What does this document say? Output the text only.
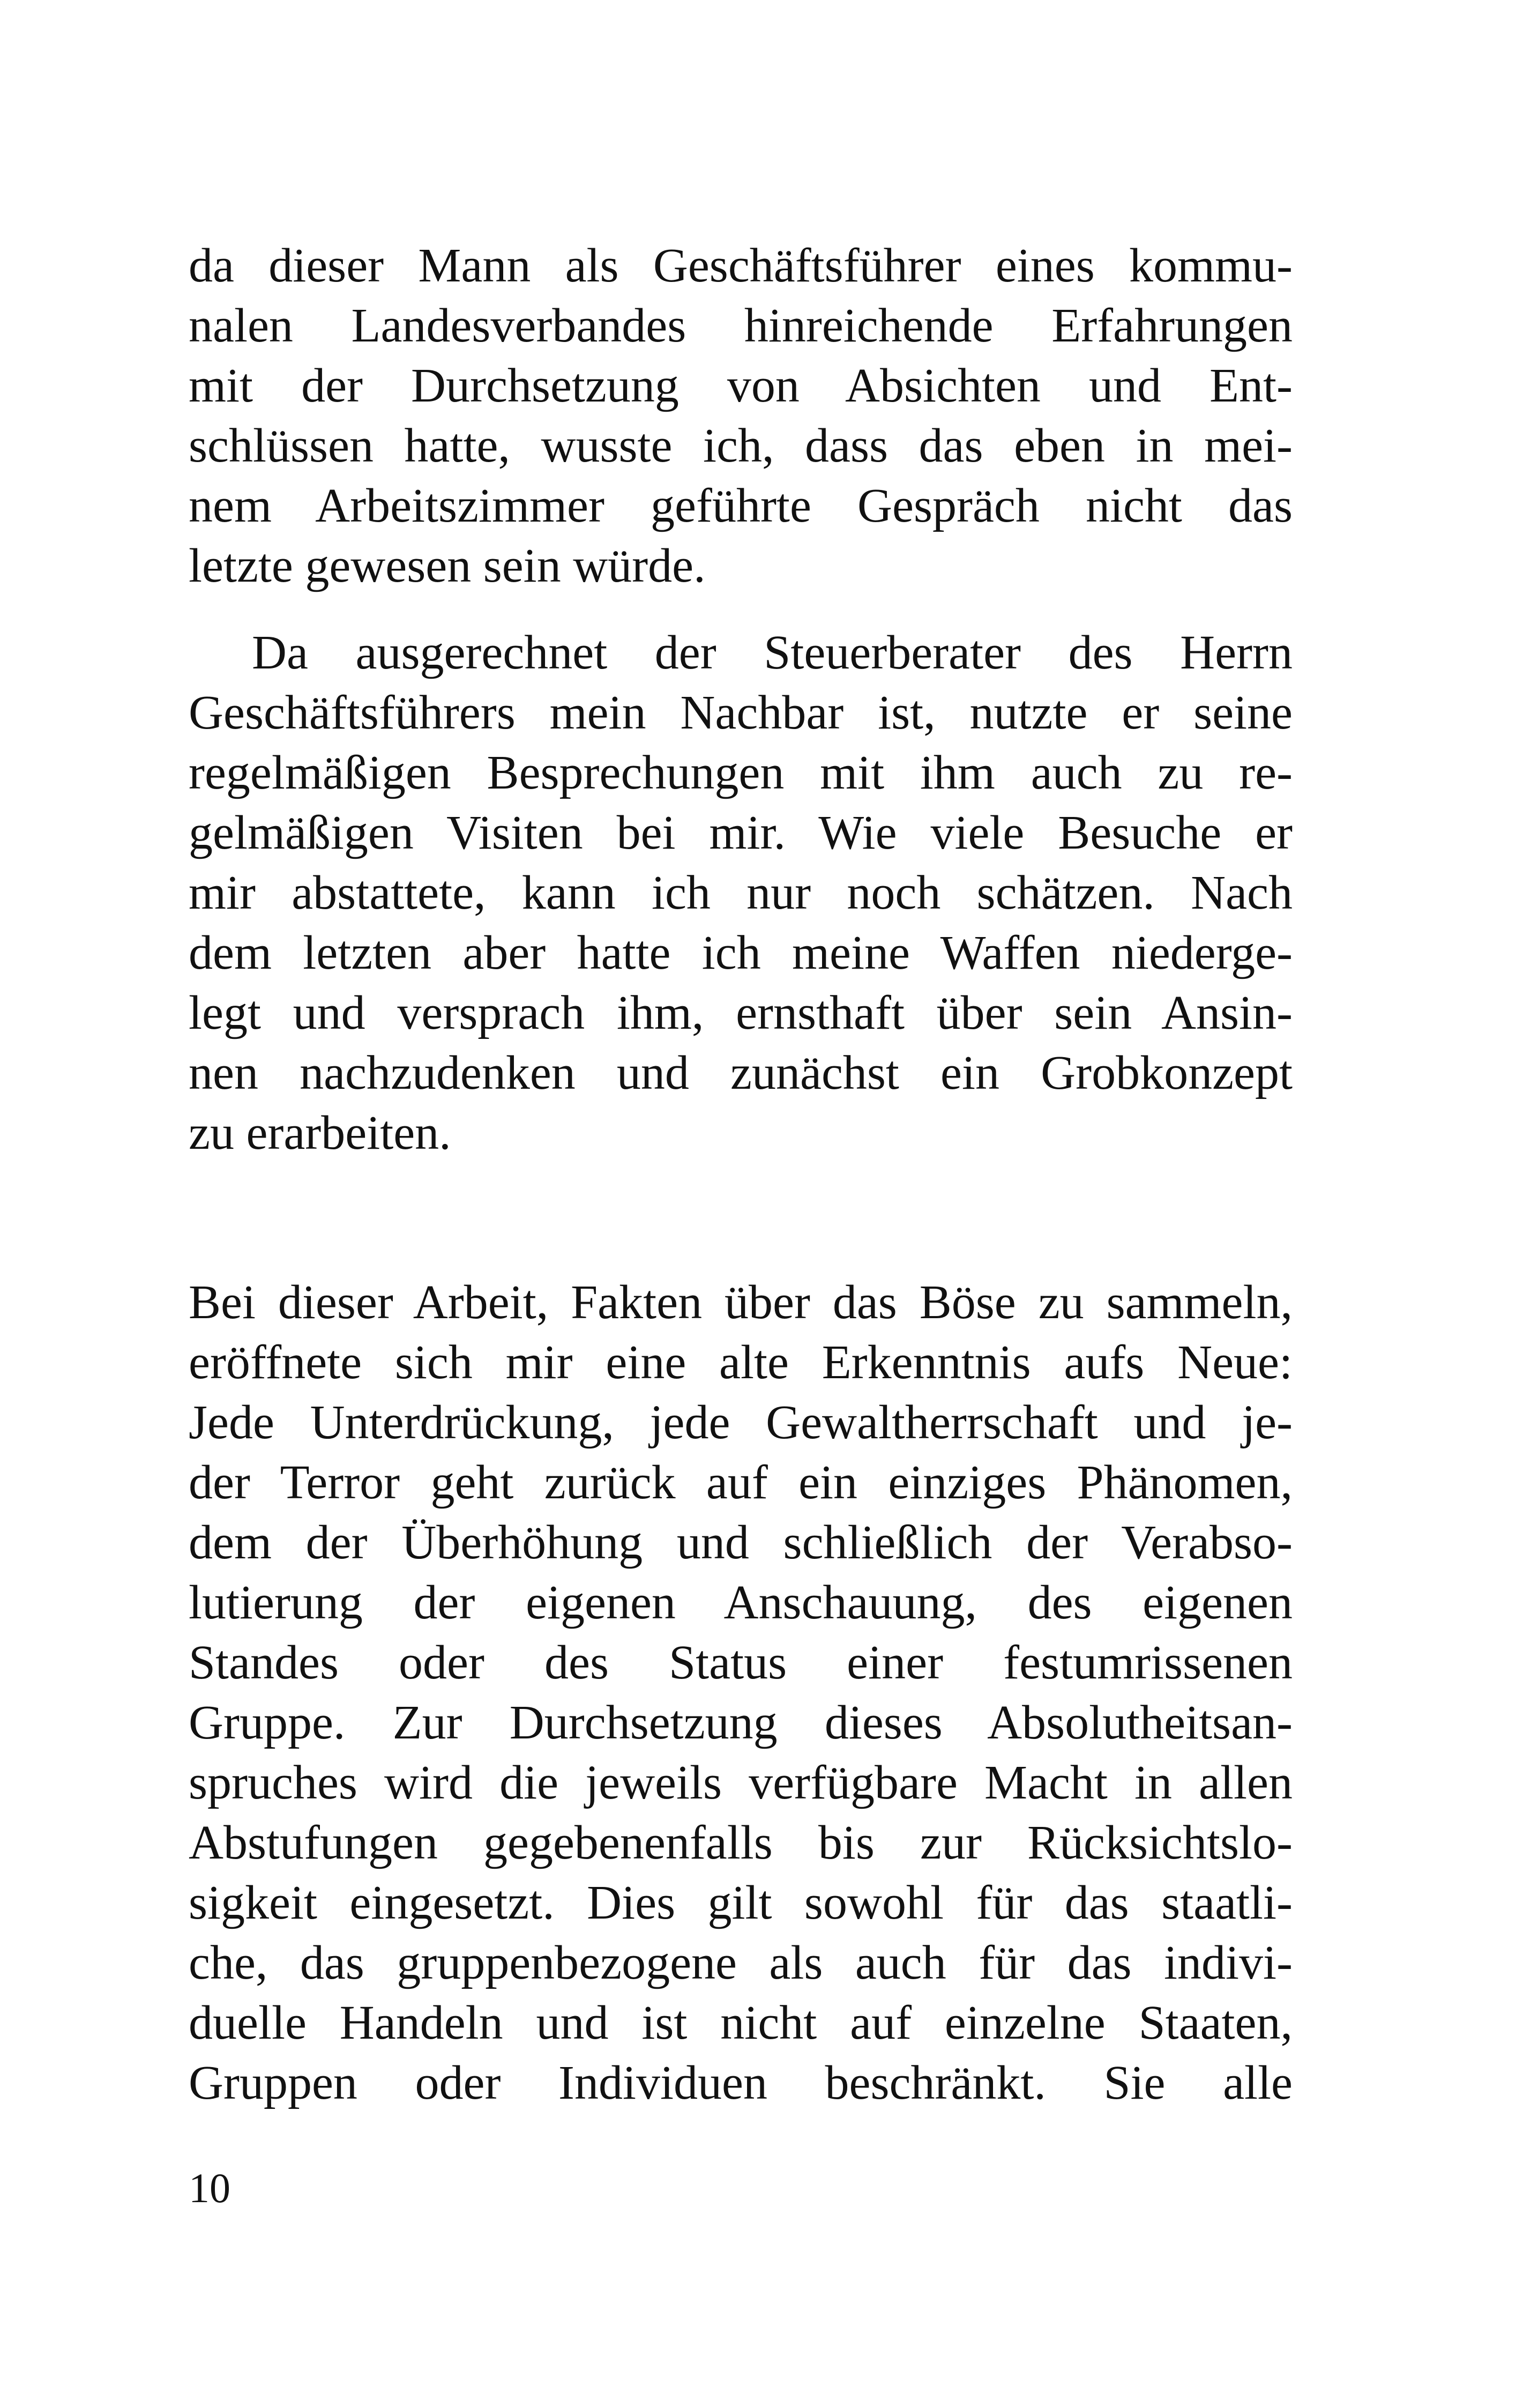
da dieser Mann als Geschäftsführer eines kommu-
nalen Landesverbandes hinreichende Erfahrungen
mit der Durchsetzung von Absichten und Ent-
schlüssen hatte, wusste ich, dass das eben in mei-
nem Arbeitszimmer geführte Gespräch nicht das
letzte gewesen sein würde.
Da ausgerechnet der Steuerberater des Herrn
Geschäftsführers mein Nachbar ist, nutzte er seine
regelmäßigen Besprechungen mit ihm auch zu re-
gelmäßigen Visiten bei mir. Wie viele Besuche er
mir abstattete, kann ich nur noch schätzen. Nach
dem letzten aber hatte ich meine Waffen niederge-
legt und versprach ihm, ernsthaft über sein Ansin-
nen nachzudenken und zunächst ein Grobkonzept
zu erarbeiten.
Bei dieser Arbeit, Fakten über das Böse zu sammeln,
eröffnete sich mir eine alte Erkenntnis aufs Neue:
Jede Unterdrückung, jede Gewaltherrschaft und je-
der Terror geht zurück auf ein einziges Phänomen,
dem der Überhöhung und schließlich der Verabso-
lutierung der eigenen Anschauung, des eigenen
Standes oder des Status einer festumrissenen
Gruppe. Zur Durchsetzung dieses Absolutheitsan-
spruches wird die jeweils verfügbare Macht in allen
Abstufungen gegebenenfalls bis zur Rücksichtslo-
sigkeit eingesetzt. Dies gilt sowohl für das staatli-
che, das gruppenbezogene als auch für das indivi-
duelle Handeln und ist nicht auf einzelne Staaten,
Gruppen oder Individuen beschränkt. Sie alle
10
